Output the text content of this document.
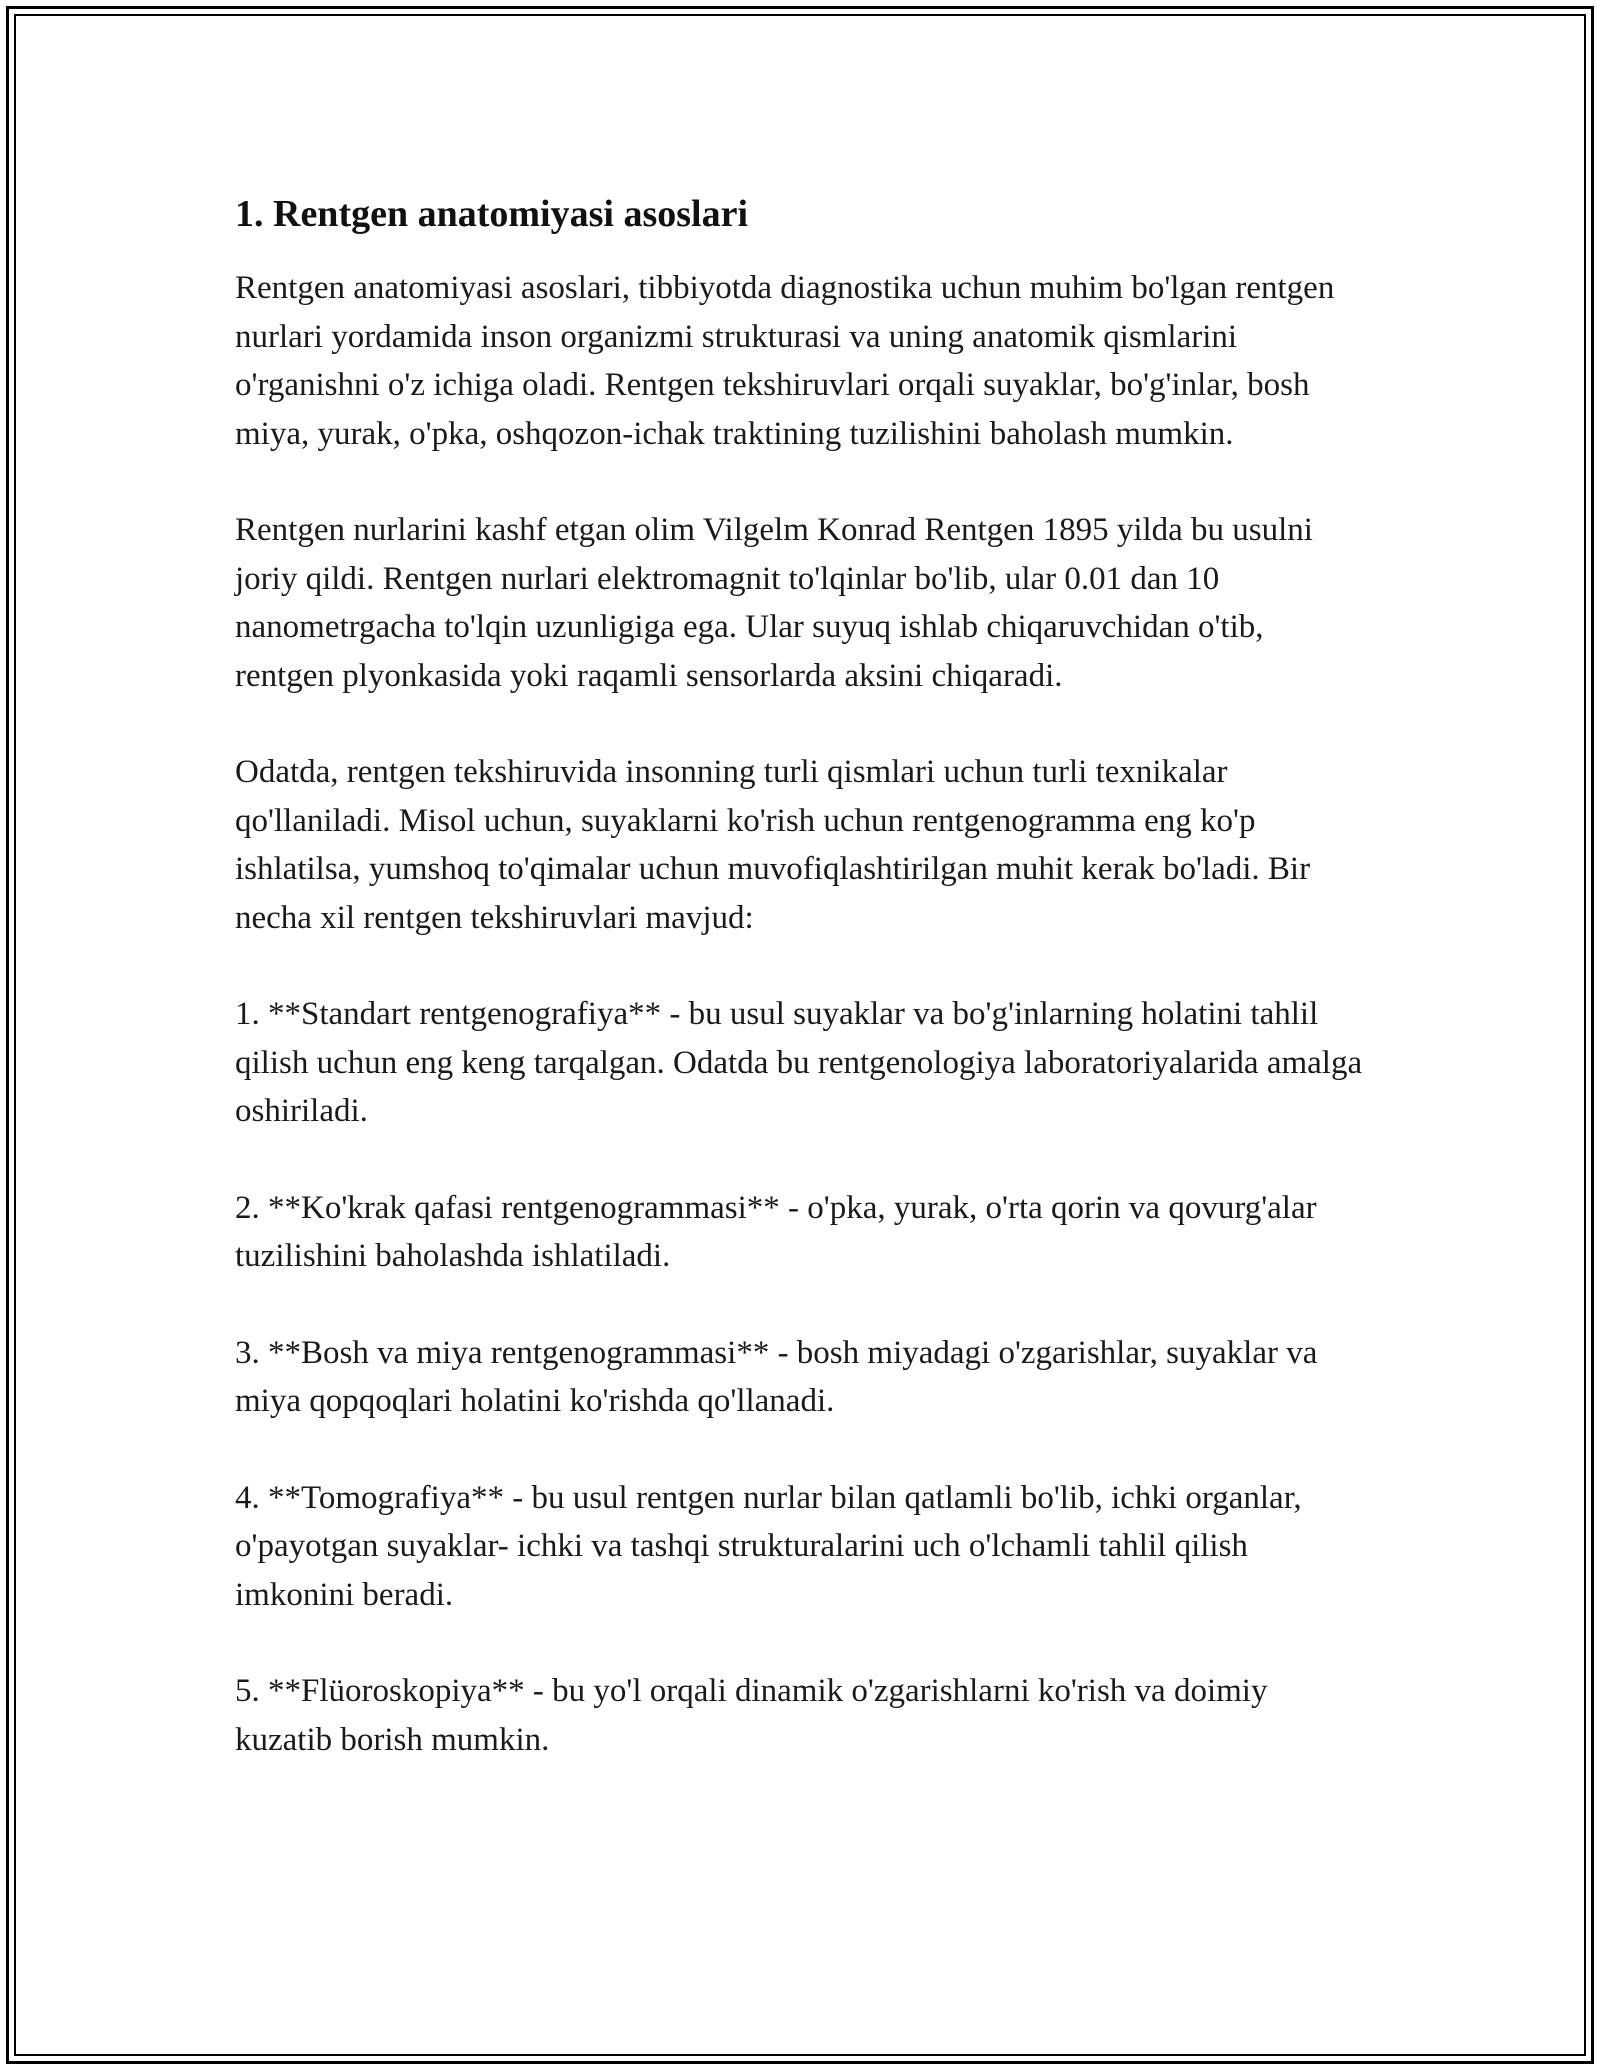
1. Rentgen anatomiyasi asoslari

Rentgen anatomiyasi asoslari, tibbiyotda diagnostika uchun muhim bo'lgan rentgen nurlari yordamida inson organizmi strukturasi va uning anatomik qismlarini o'rganishni o'z ichiga oladi. Rentgen tekshiruvlari orqali suyaklar, bo'g'inlar, bosh miya, yurak, o'pka, oshqozon-ichak traktining tuzilishini baholash mumkin.

Rentgen nurlarini kashf etgan olim Vilgelm Konrad Rentgen 1895 yilda bu usulni joriy qildi. Rentgen nurlari elektromagnit to'lqinlar bo'lib, ular 0.01 dan 10 nanometrgacha to'lqin uzunligiga ega. Ular suyuq ishlab chiqaruvchidan o'tib, rentgen plyonkasida yoki raqamli sensorlarda aksini chiqaradi.

Odatda, rentgen tekshiruvida insonning turli qismlari uchun turli texnikalar qo'llaniladi. Misol uchun, suyaklarni ko'rish uchun rentgenogramma eng ko'p ishlatilsa, yumshoq to'qimalar uchun muvofiqlashtirilgan muhit kerak bo'ladi. Bir necha xil rentgen tekshiruvlari mavjud:

1. **Standart rentgenografiya** - bu usul suyaklar va bo'g'inlarning holatini tahlil qilish uchun eng keng tarqalgan. Odatda bu rentgenologiya laboratoriyalarida amalga oshiriladi.

2. **Ko'krak qafasi rentgenogrammasi** - o'pka, yurak, o'rta qorin va qovurg'alar tuzilishini baholashda ishlatiladi.

3. **Bosh va miya rentgenogrammasi** - bosh miyadagi o'zgarishlar, suyaklar va miya qopqoqlari holatini ko'rishda qo'llanadi.

4. **Tomografiya** - bu usul rentgen nurlar bilan qatlamli bo'lib, ichki organlar, o'payotgan suyaklar- ichki va tashqi strukturalarini uch o'lchamli tahlil qilish imkonini beradi.

5. **Flüoroskopiya** - bu yo'l orqali dinamik o'zgarishlarni ko'rish va doimiy kuzatib borish mumkin.
